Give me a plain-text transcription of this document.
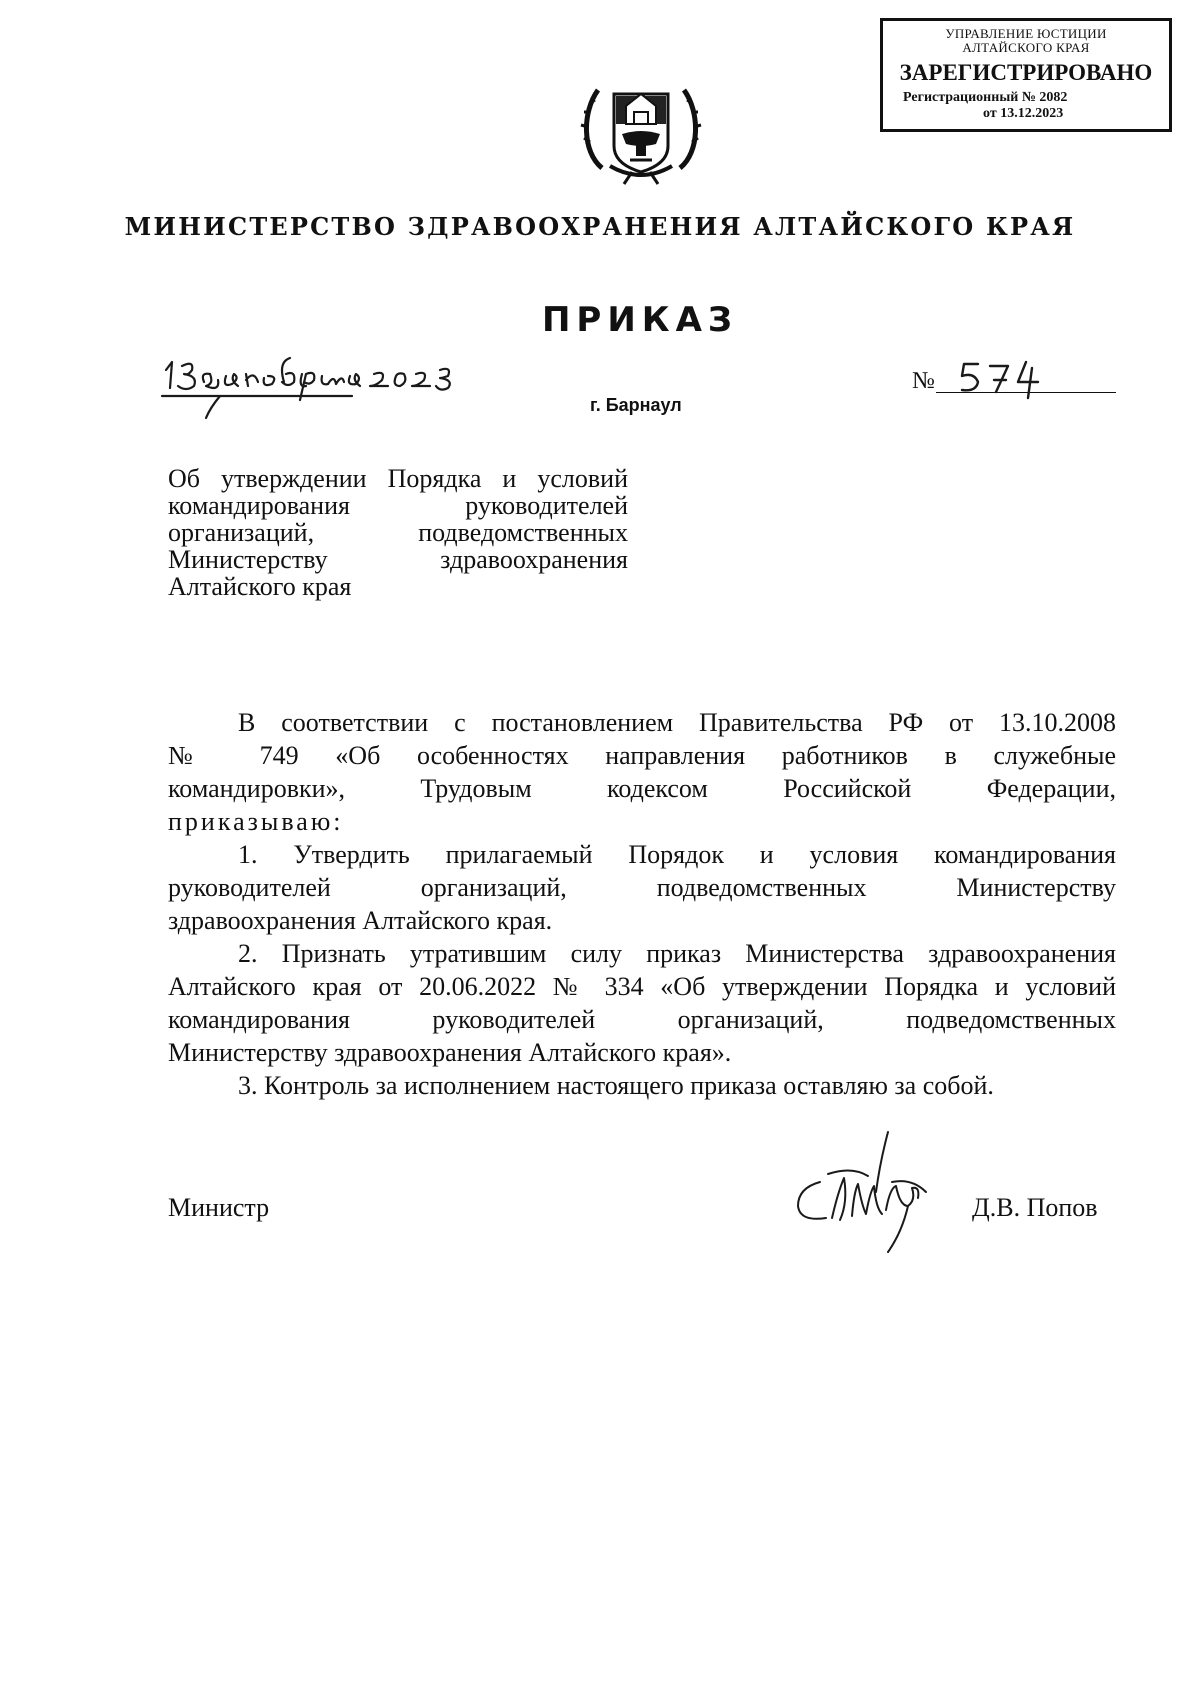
УПРАВЛЕНИЕ ЮСТИЦИИ
АЛТАЙСКОГО КРАЯ
ЗАРЕГИСТРИРОВАНО
Регистрационный № 2082
от 13.12.2023
МИНИСТЕРСТВО ЗДРАВООХРАНЕНИЯ АЛТАЙСКОГО КРАЯ
ПРИКАЗ
№
г. Барнаул
Об утверждении Порядка и условий
командирования руководителей
организаций, подведомственных
Министерству здравоохранения
Алтайского края
В соответствии с постановлением Правительства РФ от 13.10.2008
№ 749 «Об особенностях направления работников в служебные
командировки», Трудовым кодексом Российской Федерации,
приказываю:
1. Утвердить прилагаемый Порядок и условия командирования
руководителей организаций, подведомственных Министерству
здравоохранения Алтайского края.
2. Признать утратившим силу приказ Министерства здравоохранения
Алтайского края от 20.06.2022 № 334 «Об утверждении Порядка и условий
командирования руководителей организаций, подведомственных
Министерству здравоохранения Алтайского края».
3. Контроль за исполнением настоящего приказа оставляю за собой.
Министр	Д.В. Попов
